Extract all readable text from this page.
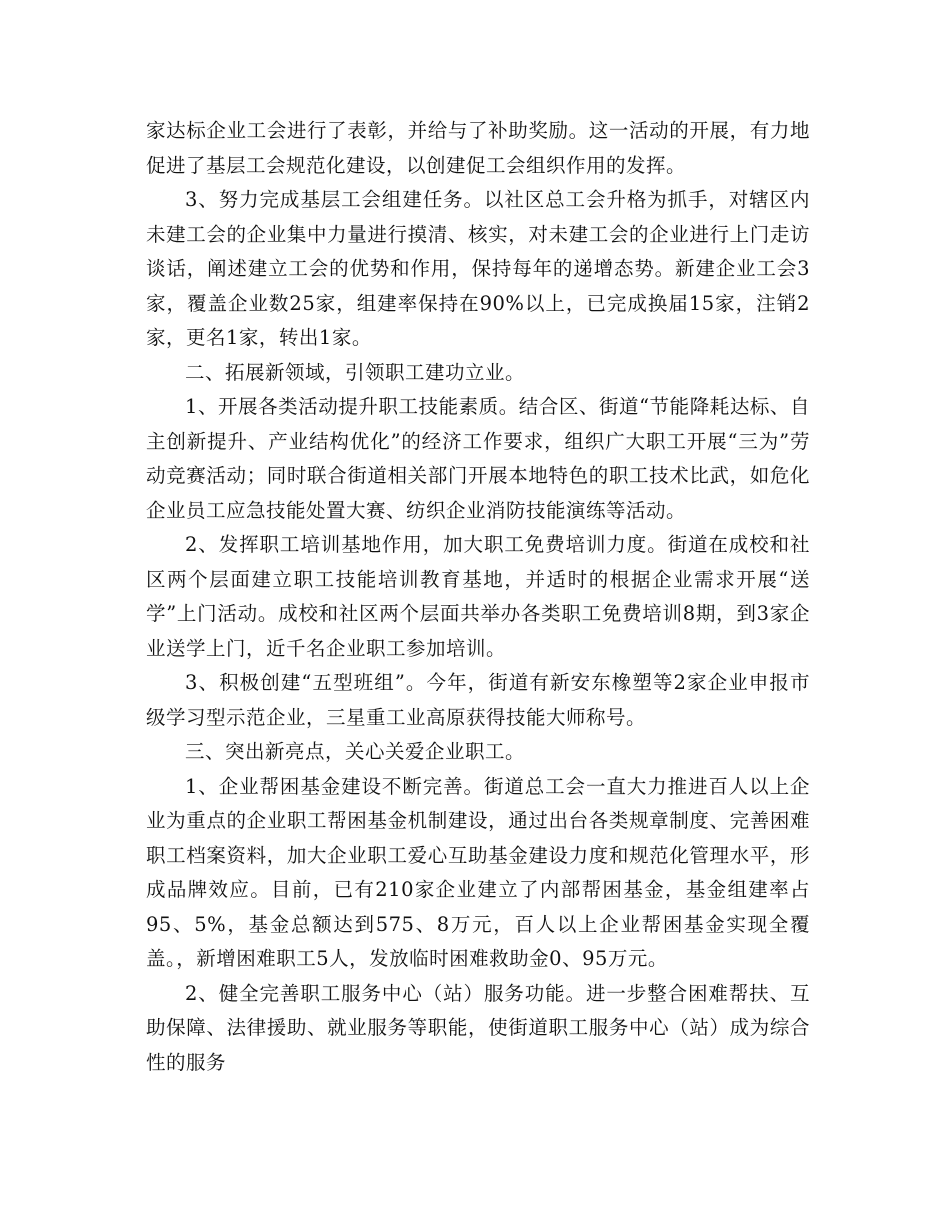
家达标企业工会进行了表彰，并给与了补助奖励。这一活动的开展，有力地促进了基层工会规范化建设，以创建促工会组织作用的发挥。

3、努力完成基层工会组建任务。以社区总工会升格为抓手，对辖区内未建工会的企业集中力量进行摸清、核实，对未建工会的企业进行上门走访谈话，阐述建立工会的优势和作用，保持每年的递增态势。新建企业工会3家，覆盖企业数25家，组建率保持在90%以上，已完成换届15家，注销2家，更名1家，转出1家。

二、拓展新领域，引领职工建功立业。

1、开展各类活动提升职工技能素质。结合区、街道“节能降耗达标、自主创新提升、产业结构优化”的经济工作要求，组织广大职工开展“三为”劳动竞赛活动；同时联合街道相关部门开展本地特色的职工技术比武，如危化企业员工应急技能处置大赛、纺织企业消防技能演练等活动。

2、发挥职工培训基地作用，加大职工免费培训力度。街道在成校和社区两个层面建立职工技能培训教育基地，并适时的根据企业需求开展“送学”上门活动。成校和社区两个层面共举办各类职工免费培训8期，到3家企业送学上门，近千名企业职工参加培训。

3、积极创建“五型班组”。今年，街道有新安东橡塑等2家企业申报市级学习型示范企业，三星重工业高原获得技能大师称号。

三、突出新亮点，关心关爱企业职工。

1、企业帮困基金建设不断完善。街道总工会一直大力推进百人以上企业为重点的企业职工帮困基金机制建设，通过出台各类规章制度、完善困难职工档案资料，加大企业职工爱心互助基金建设力度和规范化管理水平，形成品牌效应。目前，已有210家企业建立了内部帮困基金，基金组建率占95、5%，基金总额达到575、8万元，百人以上企业帮困基金实现全覆盖。，新增困难职工5人，发放临时困难救助金0、95万元。

2、健全完善职工服务中心（站）服务功能。进一步整合困难帮扶、互助保障、法律援助、就业服务等职能，使街道职工服务中心（站）成为综合性的服务
